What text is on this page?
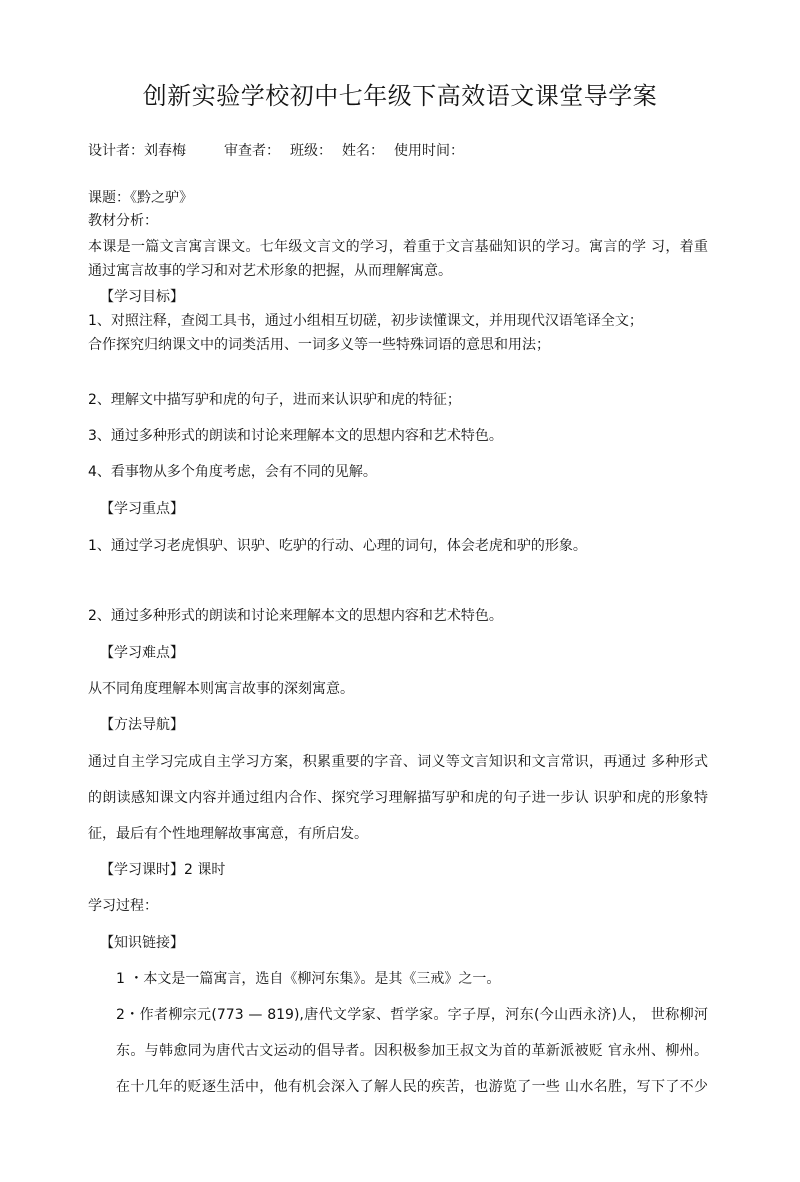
创新实验学校初中七年级下高效语文课堂导学案
设计者：刘春梅	审查者： 班级： 姓名： 使用时间：
课题：《黔之驴》
教材分析：
本课是一篇文言寓言课文。七年级文言文的学习，着重于文言基础知识的学习。寓言的学 习，着重
通过寓言故事的学习和对艺术形象的把握，从而理解寓意。
【学习目标】
1、对照注释，查阅工具书，通过小组相互切磋，初步读懂课文，并用现代汉语笔译全文；
合作探究归纳课文中的词类活用、一词多义等一些特殊词语的意思和用法；
2、理解文中描写驴和虎的句子，进而来认识驴和虎的特征；
3、通过多种形式的朗读和讨论来理解本文的思想内容和艺术特色。
4、看事物从多个角度考虑，会有不同的见解。
【学习重点】
1、通过学习老虎惧驴、识驴、吃驴的行动、心理的词句，体会老虎和驴的形象。
2、通过多种形式的朗读和讨论来理解本文的思想内容和艺术特色。
【学习难点】
从不同角度理解本则寓言故事的深刻寓意。
【方法导航】
通过自主学习完成自主学习方案，积累重要的字音、词义等文言知识和文言常识，再通过 多种形式
的朗读感知课文内容并通过组内合作、探究学习理解描写驴和虎的句子进一步认 识驴和虎的形象特
征，最后有个性地理解故事寓意，有所启发。
【学习课时】2 课时
学习过程：
【知识链接】
1 ・本文是一篇寓言，选自《柳河东集》。是其《三戒》之一。
2・作者柳宗元(773 — 819),唐代文学家、哲学家。字子厚，河东(今山西永济)人， 世称柳河
东。与韩愈同为唐代古文运动的倡导者。因积极参加王叔文为首的革新派被贬 官永州、柳州。
在十几年的贬逐生活中，他有机会深入了解人民的疾苦，也游览了一些 山水名胜，写下了不少
